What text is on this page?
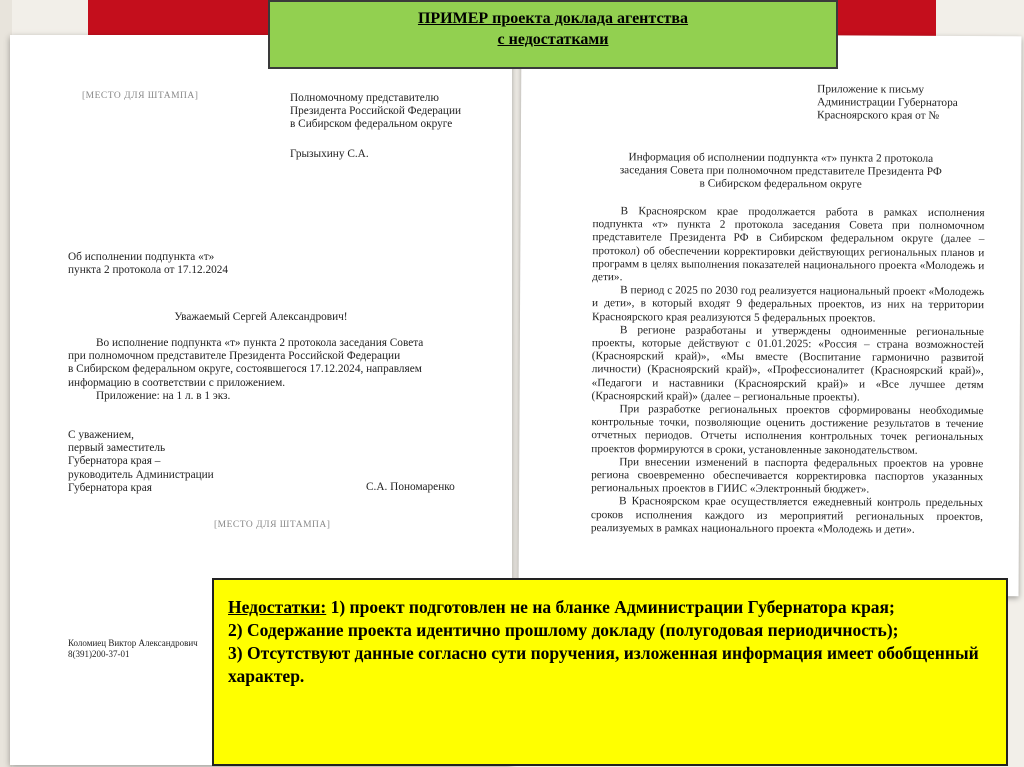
[МЕСТО ДЛЯ ШТАМПА]	Полномочному представителю
Президента Российской Федерации
в Сибирском федеральном округе

Грызыхину С.А.

Об исполнении подпункта «т»
пункта 2 протокола от 17.12.2024

Уважаемый Сергей Александрович!

Во исполнение подпункта «т» пункта 2 протокола заседания Совета
при полномочном представителе Президента Российской Федерации
в Сибирском федеральном округе, состоявшегося 17.12.2024, направляем
информацию в соответствии с приложением.
Приложение: на 1 л. в 1 экз.
С уважением,
первый заместитель
Губернатора края –
руководитель Администрации
Губернатора края	С.А. Пономаренко

[МЕСТО ДЛЯ ШТАМПА]

Коломиец Виктор Александрович
8(391)200-37-01
Приложение к письму
Администрации Губернатора
Красноярского края от №
Информация об исполнении подпункта «т» пункта 2 протокола
заседания Совета при полномочном представителе Президента РФ
в Сибирском федеральном округе

В Красноярском крае продолжается работа в рамках исполнения подпункта «т» пункта 2 протокола заседания Совета при полномочном представителе Президента РФ в Сибирском федеральном округе (далее – протокол) об обеспечении корректировки действующих региональных планов и программ в целях выполнения показателей национального проекта «Молодежь и дети».

В период с 2025 по 2030 год реализуется национальный проект «Молодежь и дети», в который входят 9 федеральных проектов, из них на территории Красноярского края реализуются 5 федеральных проектов.

В регионе разработаны и утверждены одноименные региональные проекты, которые действуют с 01.01.2025: «Россия – страна возможностей (Красноярский край)», «Мы вместе (Воспитание гармонично развитой личности) (Красноярский край)», «Профессионалитет (Красноярский край)», «Педагоги и наставники (Красноярский край)» и «Все лучшее детям (Красноярский край)» (далее – региональные проекты).

При разработке региональных проектов сформированы необходимые контрольные точки, позволяющие оценить достижение результатов в течение отчетных периодов. Отчеты исполнения контрольных точек региональных проектов формируются в сроки, установленные законодательством.

При внесении изменений в паспорта федеральных проектов на уровне региона своевременно обеспечивается корректировка паспортов указанных региональных проектов в ГИИС «Электронный бюджет».

В Красноярском крае осуществляется ежедневный контроль предельных сроков исполнения каждого из мероприятий региональных проектов, реализуемых в рамках национального проекта «Молодежь и дети».

ПРИМЕР проекта доклада агентства
с недостатками

Недостатки: 1) проект подготовлен не на бланке Администрации Губернатора края;

2) Содержание проекта идентично прошлому докладу (полугодовая периодичность);

3) Отсутствуют данные согласно сути поручения, изложенная информация имеет обобщенный характер.
